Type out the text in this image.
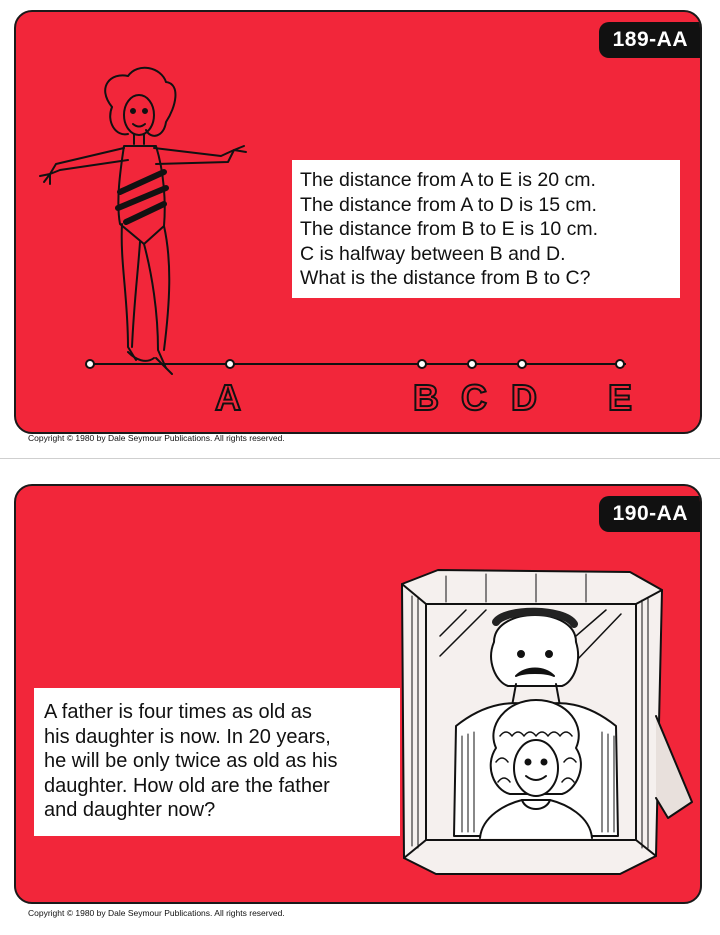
189-AA
A	B C D E
The distance from A to E is 20 cm.
The distance from A to D is 15 cm.
The distance from B to E is 10 cm.
C is halfway between B and D.
What is the distance from B to C?
Copyright © 1980 by Dale Seymour Publications. All rights reserved.
190-AA
A father is four times as old as
his daughter is now. In 20 years,
he will be only twice as old as his
daughter. How old are the father
and daughter now?
Copyright © 1980 by Dale Seymour Publications. All rights reserved.
